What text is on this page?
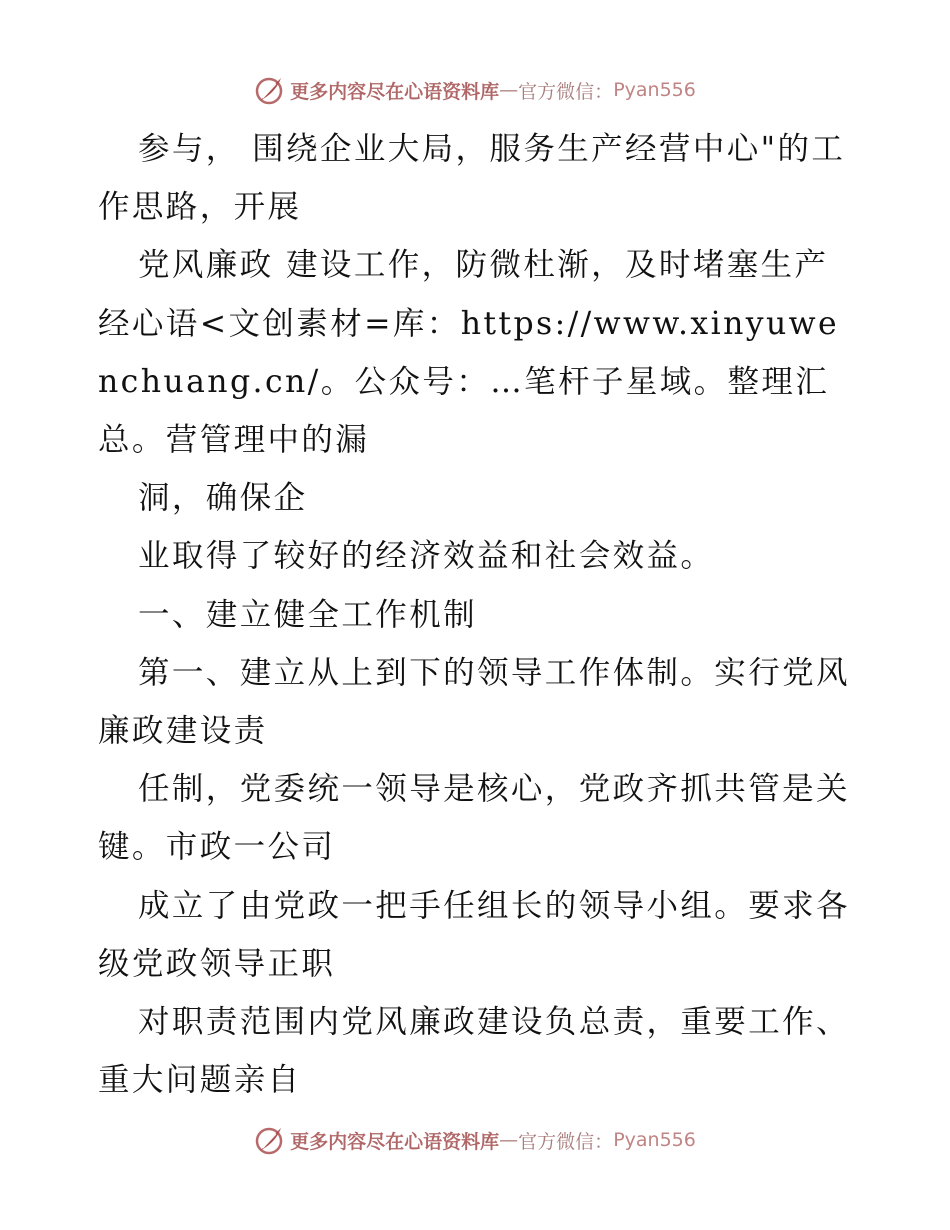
更多内容尽在心语资料库 — 官方微信： Pyan556

参与， 围绕企业大局，服务生产经营中心"的工作思路，开展

党风廉政 建设工作，防微杜渐，及时堵塞生产经心语<文创素材=库：https://www.xinyuwenchuang.cn/。公众号：…笔杆子星域。整理汇总。营管理中的漏

洞，确保企

业取得了较好的经济效益和社会效益。

一、建立健全工作机制

第一、建立从上到下的领导工作体制。实行党风廉政建设责

任制，党委统一领导是核心，党政齐抓共管是关键。市政一公司

成立了由党政一把手任组长的领导小组。要求各级党政领导正职

对职责范围内党风廉政建设负总责，重要工作、重大问题亲自

更多内容尽在心语资料库 — 官方微信： Pyan556
